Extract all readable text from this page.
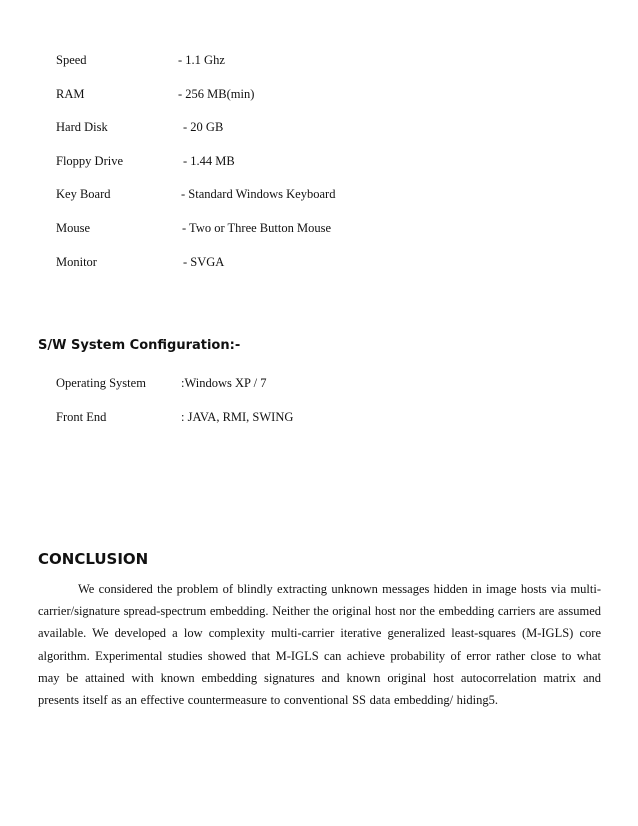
Speed	- 1.1 Ghz
RAM	- 256 MB(min)
Hard Disk	- 20 GB
Floppy Drive	- 1.44 MB
Key Board	- Standard Windows Keyboard
Mouse	- Two or Three Button Mouse
Monitor	- SVGA
S/W System Configuration:-
Operating System	:Windows XP / 7
Front End	: JAVA, RMI, SWING
CONCLUSION

We considered the problem of blindly extracting unknown messages hidden in image hosts via multi-carrier/signature spread-spectrum embedding. Neither the original host nor the embedding carriers are assumed available. We developed a low complexity multi-carrier iterative generalized least-squares (M-IGLS) core algorithm. Experimental studies showed that M-IGLS can achieve probability of error rather close to what may be attained with known embedding signatures and known original host autocorrelation matrix and presents itself as an effective countermeasure to conventional SS data embedding/ hiding5.
